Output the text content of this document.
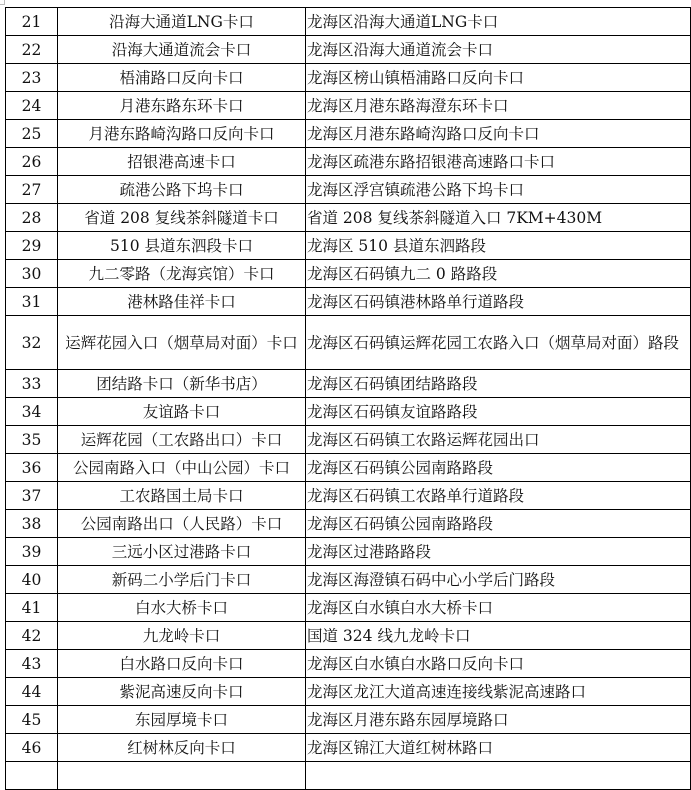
21	沿海大通道LNG卡口	龙海区沿海大通道LNG卡口
22	沿海大通道流会卡口	龙海区沿海大通道流会卡口
23	梧浦路口反向卡口	龙海区榜山镇梧浦路口反向卡口
24	月港东路东环卡口	龙海区月港东路海澄东环卡口
25	月港东路崎沟路口反向卡口	龙海区月港东路崎沟路口反向卡口
26	招银港高速卡口	龙海区疏港东路招银港高速路口卡口
27	疏港公路下坞卡口	龙海区浮宫镇疏港公路下坞卡口
28	省道 208 复线茶斜隧道卡口	省道 208 复线茶斜隧道入口 7KM+430M
29	510 县道东泗段卡口	龙海区 510 县道东泗路段
30	九二零路（龙海宾馆）卡口	龙海区石码镇九二 0 路路段
31	港林路佳祥卡口	龙海区石码镇港林路单行道路段
32	运辉花园入口（烟草局对面）卡口	龙海区石码镇运辉花园工农路入口（烟草局对面）路段
33	团结路卡口（新华书店）	龙海区石码镇团结路路段
34	友谊路卡口	龙海区石码镇友谊路路段
35	运辉花园（工农路出口）卡口	龙海区石码镇工农路运辉花园出口
36	公园南路入口（中山公园）卡口	龙海区石码镇公园南路路段
37	工农路国土局卡口	龙海区石码镇工农路单行道路段
38	公园南路出口（人民路）卡口	龙海区石码镇公园南路路段
39	三远小区过港路卡口	龙海区过港路路段
40	新码二小学后门卡口	龙海区海澄镇石码中心小学后门路段
41	白水大桥卡口	龙海区白水镇白水大桥卡口
42	九龙岭卡口	国道 324 线九龙岭卡口
43	白水路口反向卡口	龙海区白水镇白水路口反向卡口
44	紫泥高速反向卡口	龙海区龙江大道高速连接线紫泥高速路口
45	东园厚境卡口	龙海区月港东路东园厚境路口
46	红树林反向卡口	龙海区锦江大道红树林路口
